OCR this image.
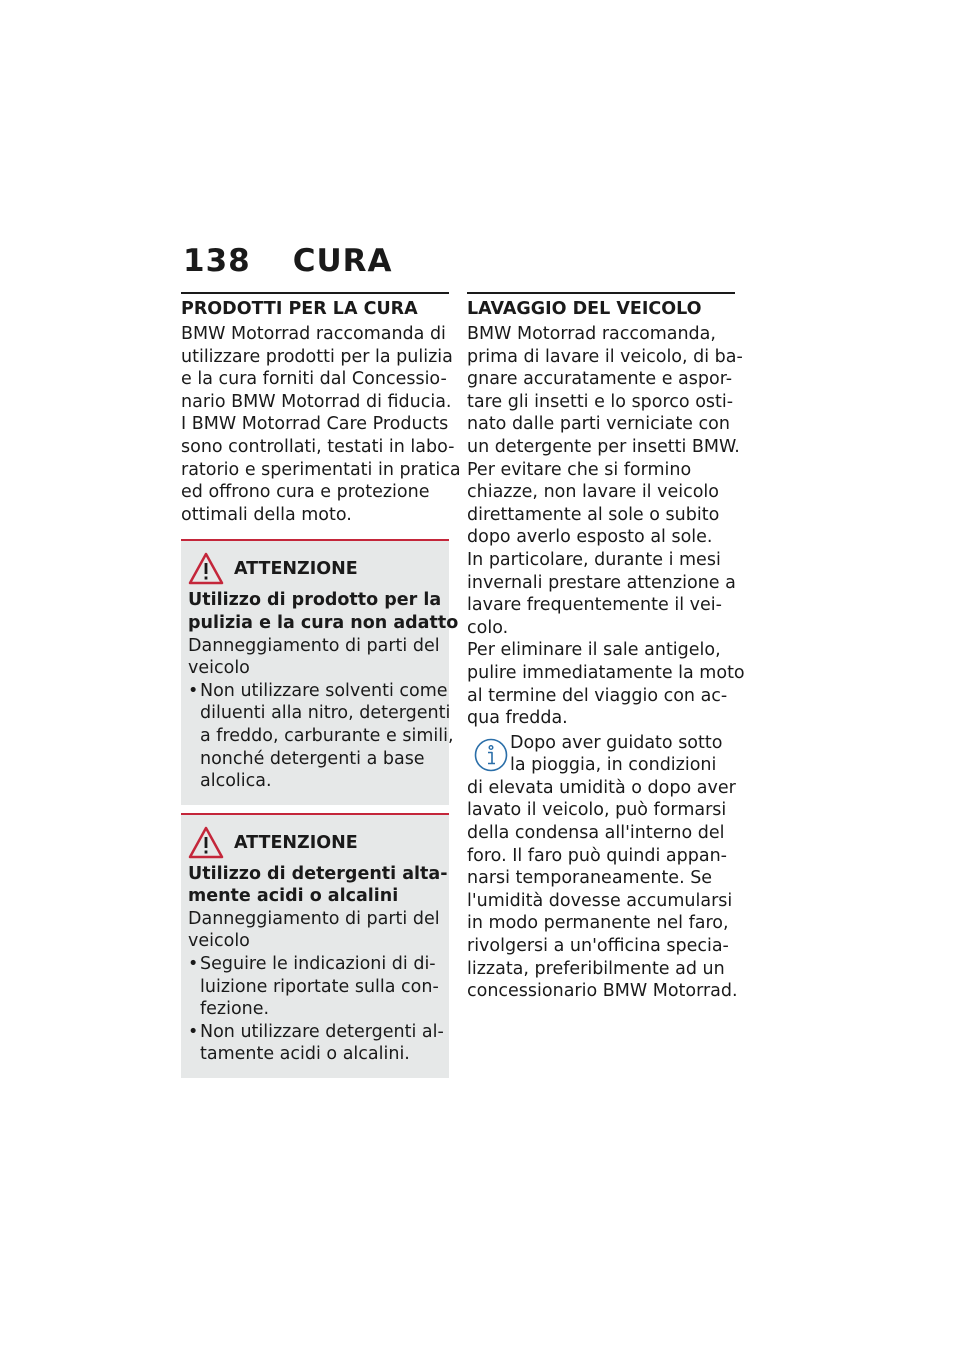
138 CURA
PRODOTTI PER LA CURA

BMW Motorrad raccomanda di
utilizzare prodotti per la pulizia
e la cura forniti dal Concessio-
nario BMW Motorrad di fiducia.
I BMW Motorrad Care Products
sono controllati, testati in labo-
ratorio e sperimentati in pratica
ed offrono cura e protezione
ottimali della moto.

ATTENZIONE
Utilizzo di prodotto per la
pulizia e la cura non adatto
Danneggiamento di parti del
veicolo
• Non utilizzare solventi come
diluenti alla nitro, detergenti
a freddo, carburante e simili,
nonché detergenti a base
alcolica.
ATTENZIONE
Utilizzo di detergenti alta-
mente acidi o alcalini
Danneggiamento di parti del
veicolo
• Seguire le indicazioni di di-
luizione riportate sulla con-
fezione.
• Non utilizzare detergenti al-
tamente acidi o alcalini.
LAVAGGIO DEL VEICOLO

BMW Motorrad raccomanda,
prima di lavare il veicolo, di ba-
gnare accuratamente e aspor-
tare gli insetti e lo sporco osti-
nato dalle parti verniciate con
un detergente per insetti BMW.
Per evitare che si formino
chiazze, non lavare il veicolo
direttamente al sole o subito
dopo averlo esposto al sole.
In particolare, durante i mesi
invernali prestare attenzione a
lavare frequentemente il vei-
colo.
Per eliminare il sale antigelo,
pulire immediatamente la moto
al termine del viaggio con ac-
qua fredda.

Dopo aver guidato sotto
la pioggia, in condizioni
di elevata umidità o dopo aver
lavato il veicolo, può formarsi
della condensa all'interno del
foro. Il faro può quindi appan-
narsi temporaneamente. Se
l'umidità dovesse accumularsi
in modo permanente nel faro,
rivolgersi a un'officina specia-
lizzata, preferibilmente ad un
concessionario BMW Motorrad.
